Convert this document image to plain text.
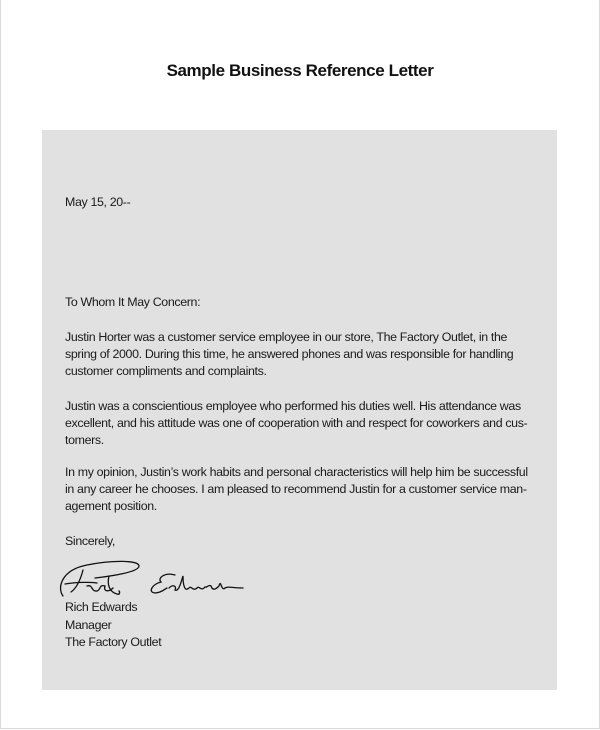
Sample Business Reference Letter
May 15, 20--
To Whom It May Concern:
Justin Horter was a customer service employee in our store, The Factory Outlet, in the
spring of 2000. During this time, he answered phones and was responsible for handling
customer compliments and complaints.
Justin was a conscientious employee who performed his duties well. His attendance was
excellent, and his attitude was one of cooperation with and respect for coworkers and cus-
tomers.
In my opinion, Justin’s work habits and personal characteristics will help him be successful
in any career he chooses. I am pleased to recommend Justin for a customer service man-
agement position.
Sincerely,
Rich Edwards
Manager
The Factory Outlet
